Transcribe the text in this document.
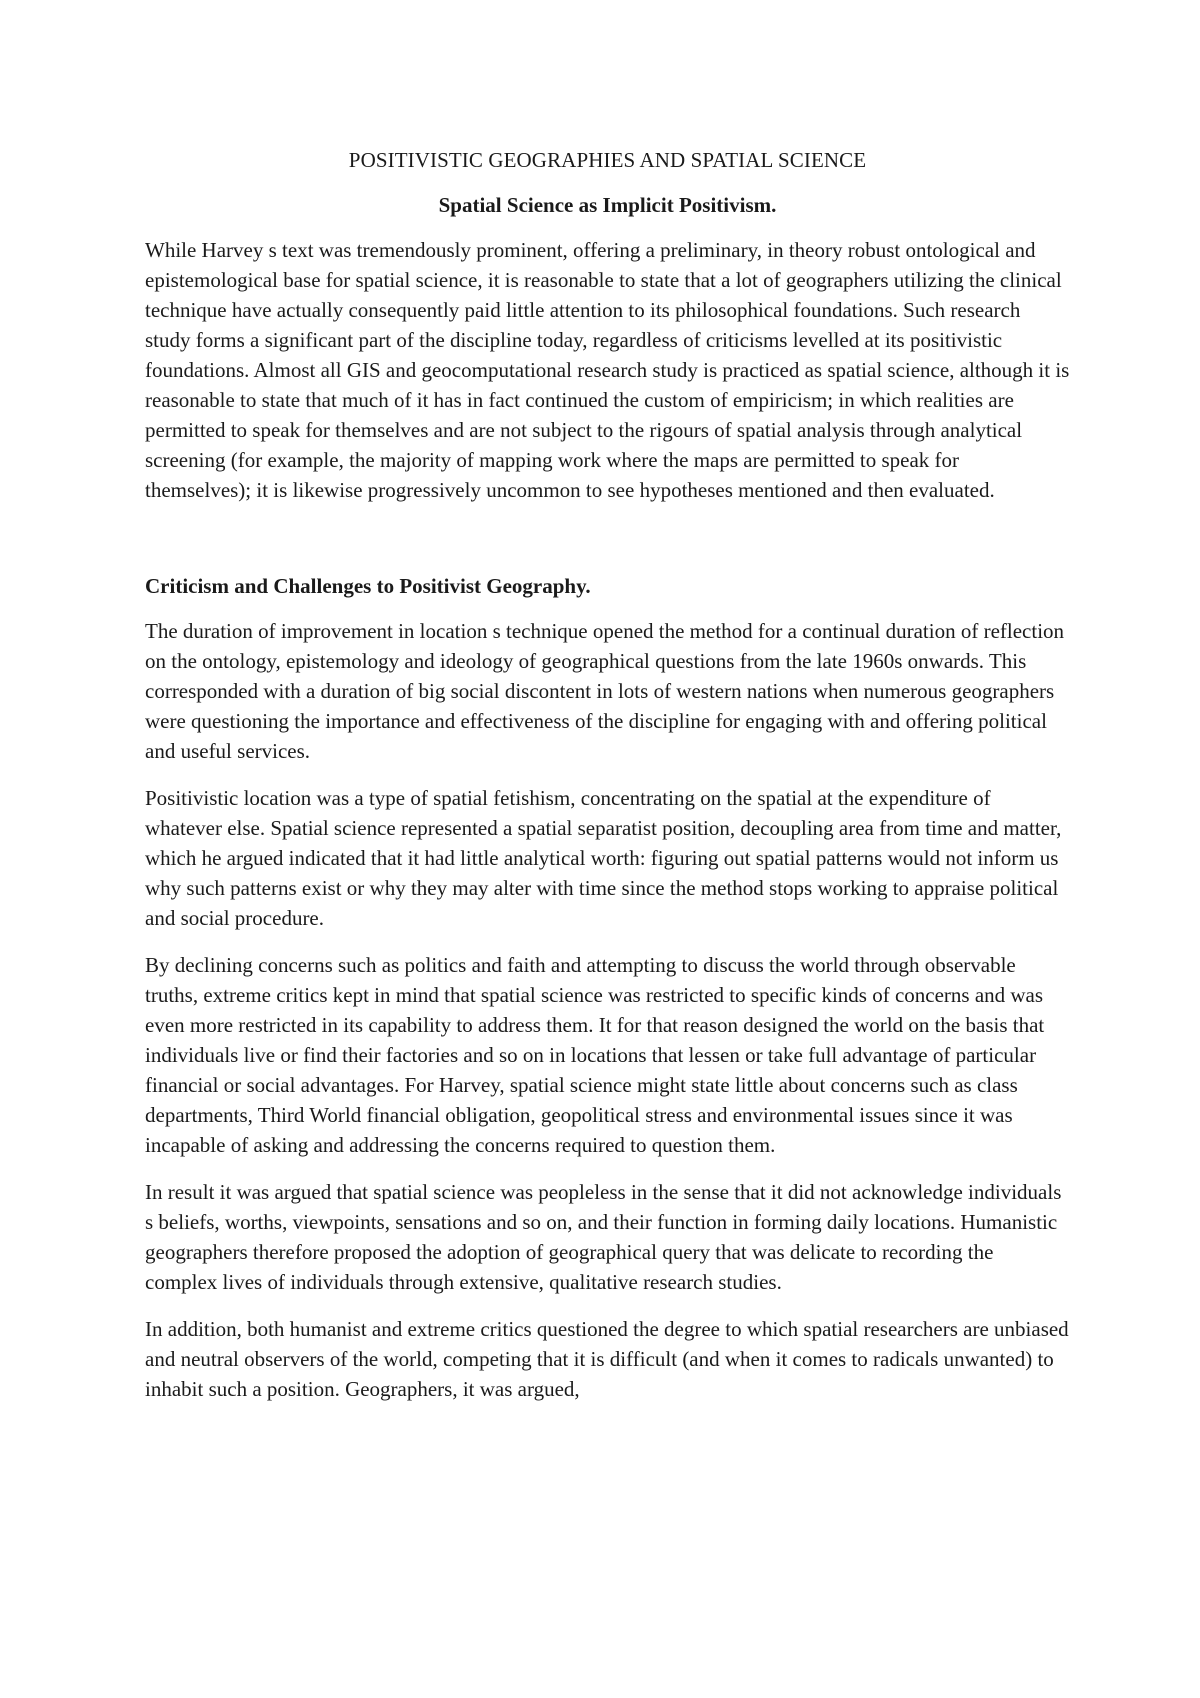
POSITIVISTIC GEOGRAPHIES AND SPATIAL SCIENCE
Spatial Science as Implicit Positivism.

While Harvey s text was tremendously prominent, offering a preliminary, in theory robust ontological and epistemological base for spatial science, it is reasonable to state that a lot of geographers utilizing the clinical technique have actually consequently paid little attention to its philosophical foundations. Such research study forms a significant part of the discipline today, regardless of criticisms levelled at its positivistic foundations. Almost all GIS and geocomputational research study is practiced as spatial science, although it is reasonable to state that much of it has in fact continued the custom of empiricism; in which realities are permitted to speak for themselves and are not subject to the rigours of spatial analysis through analytical screening (for example, the majority of mapping work where the maps are permitted to speak for themselves); it is likewise progressively uncommon to see hypotheses mentioned and then evaluated.

Criticism and Challenges to Positivist Geography.

The duration of improvement in location s technique opened the method for a continual duration of reflection on the ontology, epistemology and ideology of geographical questions from the late 1960s onwards. This corresponded with a duration of big social discontent in lots of western nations when numerous geographers were questioning the importance and effectiveness of the discipline for engaging with and offering political and useful services.

Positivistic location was a type of spatial fetishism, concentrating on the spatial at the expenditure of whatever else. Spatial science represented a spatial separatist position, decoupling area from time and matter, which he argued indicated that it had little analytical worth: figuring out spatial patterns would not inform us why such patterns exist or why they may alter with time since the method stops working to appraise political and social procedure.

By declining concerns such as politics and faith and attempting to discuss the world through observable truths, extreme critics kept in mind that spatial science was restricted to specific kinds of concerns and was even more restricted in its capability to address them. It for that reason designed the world on the basis that individuals live or find their factories and so on in locations that lessen or take full advantage of particular financial or social advantages. For Harvey, spatial science might state little about concerns such as class departments, Third World financial obligation, geopolitical stress and environmental issues since it was incapable of asking and addressing the concerns required to question them.

In result it was argued that spatial science was peopleless in the sense that it did not acknowledge individuals s beliefs, worths, viewpoints, sensations and so on, and their function in forming daily locations. Humanistic geographers therefore proposed the adoption of geographical query that was delicate to recording the complex lives of individuals through extensive, qualitative research studies.

In addition, both humanist and extreme critics questioned the degree to which spatial researchers are unbiased and neutral observers of the world, competing that it is difficult (and when it comes to radicals unwanted) to inhabit such a position. Geographers, it was argued,
